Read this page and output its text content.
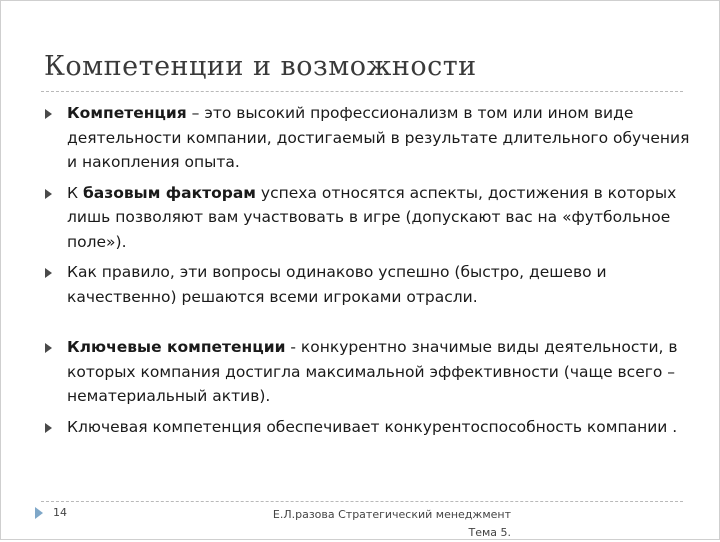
Компетенции и возможности
Компетенция – это высокий профессионализм в том или ином виде деятельности компании, достигаемый в результате длительного обучения и накопления опыта.
К базовым факторам успеха относятся аспекты, достижения в которых лишь позволяют вам участвовать в игре (допускают вас на «футбольное поле»).
Как правило, эти вопросы одинаково успешно (быстро, дешево и качественно) решаются всеми игроками отрасли.
Ключевые компетенции - конкурентно значимые виды деятельности, в которых компания достигла максимальной эффективности (чаще всего – нематериальный актив).
Ключевая компетенция обеспечивает конкурентоспособность компании .
14	Е.Л.разова Стратегический менеджмент
Тема 5.
